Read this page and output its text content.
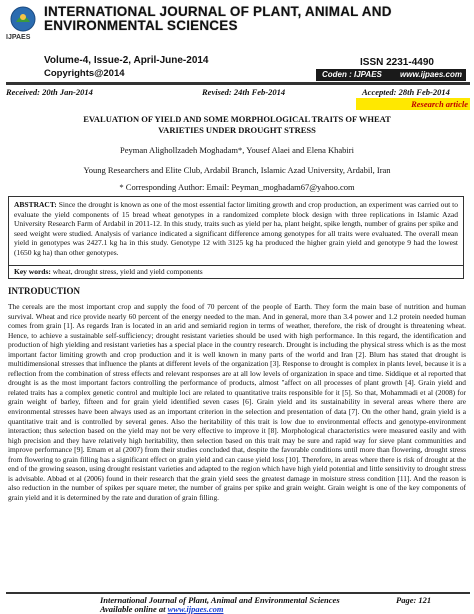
IJPAES
INTERNATIONAL JOURNAL OF PLANT, ANIMAL AND ENVIRONMENTAL SCIENCES
Volume-4, Issue-2, April-June-2014
Copyrights@2014
ISSN 2231-4490
Coden : IJPAES www.ijpaes.com
Received: 20th Jan-2014	Revised: 24th Feb-2014	Accepted: 28th Feb-2014
Research article
EVALUATION OF YIELD AND SOME MORPHOLOGICAL TRAITS OF WHEAT VARIETIES UNDER DROUGHT STRESS
Peyman Alighollzadeh Moghadam*, Yousef Alaei and Elena Khabiri
Young Researchers and Elite Club, Ardabil Branch, Islamic Azad University, Ardabil, Iran
* Corresponding Author: Email: Peyman_moghadam67@yahoo.com
ABSTRACT: Since the drought is known as one of the most essential factor limiting growth and crop production, an experiment was carried out to evaluate the yield components of 15 bread wheat genotypes in a randomized complete block design with three replications in Islamic Azad University Research Farm of Ardabil in 2011-12. In this study, traits such as yield per ha, plant height, spike length, number of grains per spike and seed weight were studied. Analysis of variance indicated a significant difference among genotypes for all traits were evaluated. The overall mean yield in genotypes was 2427.1 kg ha in this study. Genotype 12 with 3125 kg ha produced the higher grain yield and genotype 9 had the lowest (1650 kg ha) than other genotypes.
Key words: wheat, drought stress, yield and yield components
INTRODUCTION
The cereals are the most important crop and supply the food of 70 percent of the people of Earth. They form the main base of nutrition and human survival. Wheat and rice provide nearly 60 percent of the energy needed to the man. And in general, more than 3.4 power and 1.2 protein needed human comes from grain [1]. As regards Iran is located in an arid and semiarid region in terms of weather, therefore, the risk of drought is threatening wheat. Hence, to achieve a sustainable self-sufficiency; drought resistant varieties should be used with high performance. In this regard, the identification and production of high yielding and resistant varieties has a special place in the country research. Drought is including the physical stress which is as the most important factor limiting growth and crop production and it is well known in many parts of the world and Iran [2]. Blum has stated that drought is multidimensional stresses that influence the plants at different levels of the organization [3]. Response to drought is complex in plants level, because it is a reflection from the combination of stress effects and relevant responses are at all low levels of organization in space and time. Siddique et al reported that drought is as the most important factors controlling the performance of products, almost "affect on all processes of plant growth [4]. Grain yield and related traits has a complex genetic control and multiple loci are related to quantitative traits responsible for it [5]. So that, Mohammadi et al (2008) for grain weight of barley, fifteen and for grain yield identified seven cases [6]. Grain yield and its sustainability in several areas where there are environmental stresses have been always used as an important criterion in the selection and presentation of data [7]. On the other hand, grain yield is a quantitative trait and is controlled by several genes. Also the heritability of this trait is low due to environmental effects and genotype-environment interaction; thus selection based on the yield may not be very effective to improve it [8]. Morphological characteristics were measured easily and with high precision and they have relatively high heritability, then selection based on this trait may be sure and rapid way for sieve plant communities and improve performance [9]. Emam et al (2007) from their studies concluded that, despite the favorable conditions until more than flowering, drought stress from flowering to grain filling has a significant effect on grain yield and can cause yield loss [10]. Therefore, in areas where there is risk of drought at the end of the growing season, using drought resistant varieties and adapted to the region which have high yield potential and little sensitivity to drought stress is advisable. Abbad et al (2006) found in their research that the grain yield sees the greatest damage in moisture stress condition [11]. And the reason is also reduction in the number of spikes per square meter, the number of grains per spike and grain weight. Grain weight is one of the key components of grain yield and it is determined by the rate and duration of grain filling.
International Journal of Plant, Animal and Environmental Sciences	Page: 121
Available online at www.ijpaes.com
